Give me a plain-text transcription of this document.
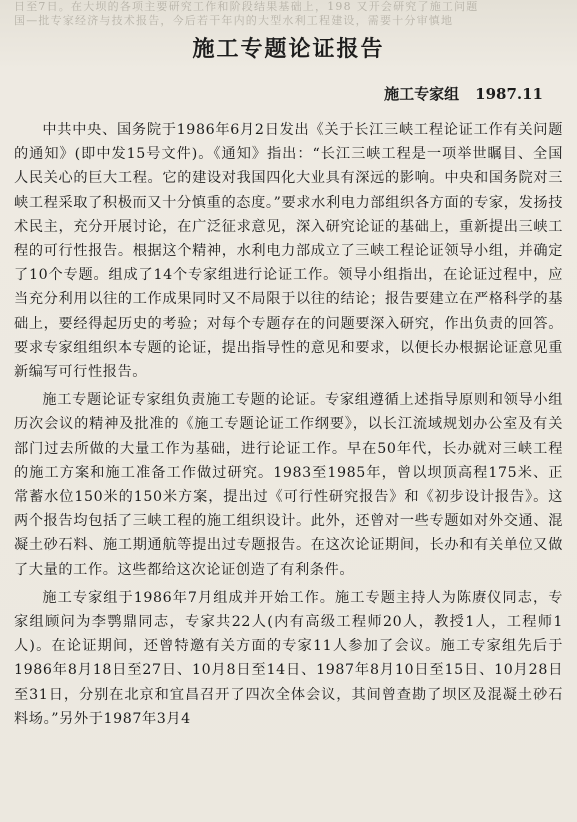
日至7日。在大坝的各项主要研究工作和阶段结果基础上，198 又开会研究了施工问题
国—批专家经济与技术报告，今后若干年内的大型水利工程建设，需要十分审慎地
施工专题论证报告
施工专家组 1987.11

中共中央、国务院于1986年6月2日发出《关于长江三峡工程论证工作有关问题的通知》(即中发15号文件)。《通知》指出：“长江三峡工程是一项举世瞩目、全国人民关心的巨大工程。它的建设对我国四化大业具有深远的影响。中央和国务院对三峡工程采取了积极而又十分慎重的态度。”要求水利电力部组织各方面的专家，发扬技术民主，充分开展讨论，在广泛征求意见，深入研究论证的基础上，重新提出三峡工程的可行性报告。根据这个精神，水利电力部成立了三峡工程论证领导小组，并确定了10个专题。组成了14个专家组进行论证工作。领导小组指出，在论证过程中，应当充分利用以往的工作成果同时又不局限于以往的结论；报告要建立在严格科学的基础上，要经得起历史的考验；对每个专题存在的问题要深入研究，作出负责的回答。要求专家组组织本专题的论证，提出指导性的意见和要求，以便长办根据论证意见重新编写可行性报告。

施工专题论证专家组负责施工专题的论证。专家组遵循上述指导原则和领导小组历次会议的精神及批准的《施工专题论证工作纲要》，以长江流域规划办公室及有关部门过去所做的大量工作为基础，进行论证工作。早在50年代，长办就对三峡工程的施工方案和施工准备工作做过研究。1983至1985年，曾以坝顶高程175米、正常蓄水位150米的150米方案，提出过《可行性研究报告》和《初步设计报告》。这两个报告均包括了三峡工程的施工组织设计。此外，还曾对一些专题如对外交通、混凝土砂石料、施工期通航等提出过专题报告。在这次论证期间，长办和有关单位又做了大量的工作。这些都给这次论证创造了有利条件。

施工专家组于1986年7月组成并开始工作。施工专题主持人为陈赓仪同志，专家组顾问为李鹗鼎同志，专家共22人(内有高级工程师20人，教授1人，工程师1人)。在论证期间，还曾特邀有关方面的专家11人参加了会议。施工专家组先后于1986年8月18日至27日、10月8日至14日、1987年8月10日至15日、10月28日至31日，分别在北京和宜昌召开了四次全体会议，其间曾查勘了坝区及混凝土砂石料场。”另外于1987年3月4
